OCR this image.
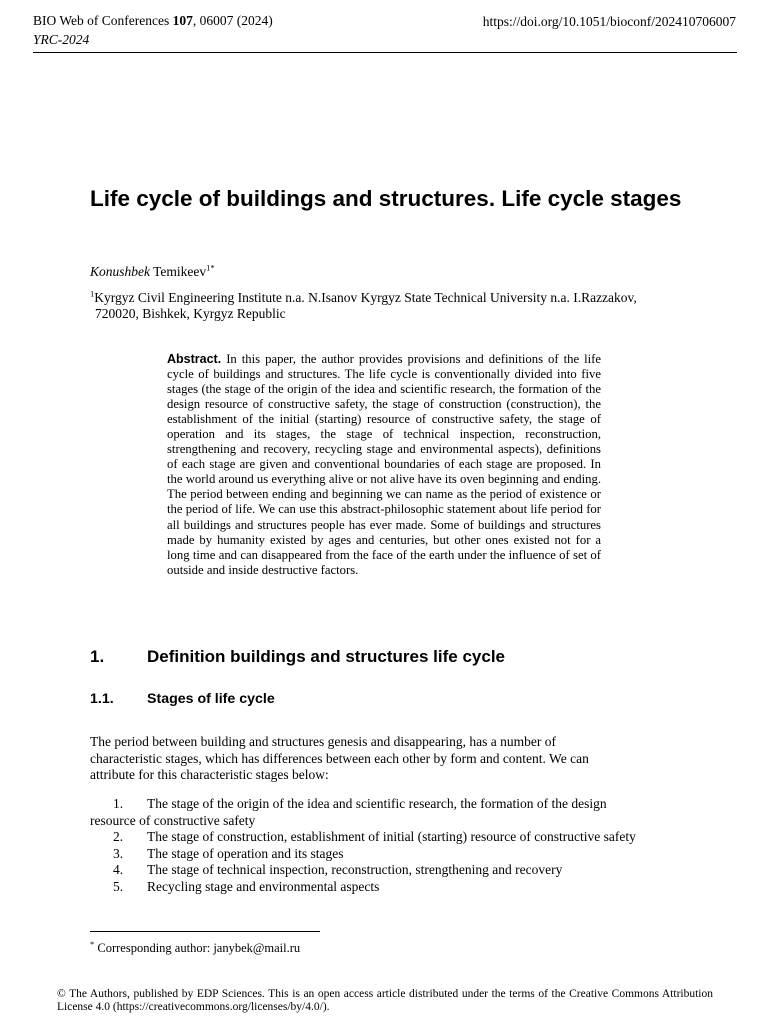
BIO Web of Conferences 107, 06007 (2024)
YRC-2024
https://doi.org/10.1051/bioconf/202410706007
Life cycle of buildings and structures. Life cycle stages
Konushbek Temikeev$^{1*}$
$^1$Kyrgyz Civil Engineering Institute n.a. N.Isanov Kyrgyz State Technical University n.a. I.Razzakov,
720020, Bishkek, Kyrgyz Republic
Abstract. In this paper, the author provides provisions and definitions of the life cycle of buildings and structures. The life cycle is conventionally divided into five stages (the stage of the origin of the idea and scientific research, the formation of the design resource of constructive safety, the stage of construction (construction), the establishment of the initial (starting) resource of constructive safety, the stage of operation and its stages, the stage of technical inspection, reconstruction, strengthening and recovery, recycling stage and environmental aspects), definitions of each stage are given and conventional boundaries of each stage are proposed. In the world around us everything alive or not alive have its oven beginning and ending. The period between ending and beginning we can name as the period of existence or the period of life. We can use this abstract-philosophic statement about life period for all buildings and structures people has ever made. Some of buildings and structures made by humanity existed by ages and centuries, but other ones existed not for a long time and can disappeared from the face of the earth under the influence of set of outside and inside destructive factors.
1.	Definition buildings and structures life cycle
1.1. Stages of life cycle
The period between building and structures genesis and disappearing, has a number of characteristic stages, which has differences between each other by form and content. We can attribute for this characteristic stages below:
1. The stage of the origin of the idea and scientific research, the formation of the design resource of constructive safety
2. The stage of construction, establishment of initial (starting) resource of constructive safety
3. The stage of operation and its stages
4. The stage of technical inspection, reconstruction, strengthening and recovery
5. Recycling stage and environmental aspects
* Corresponding author: janybek@mail.ru
© The Authors, published by EDP Sciences. This is an open access article distributed under the terms of the Creative Commons Attribution License 4.0 (https://creativecommons.org/licenses/by/4.0/).
